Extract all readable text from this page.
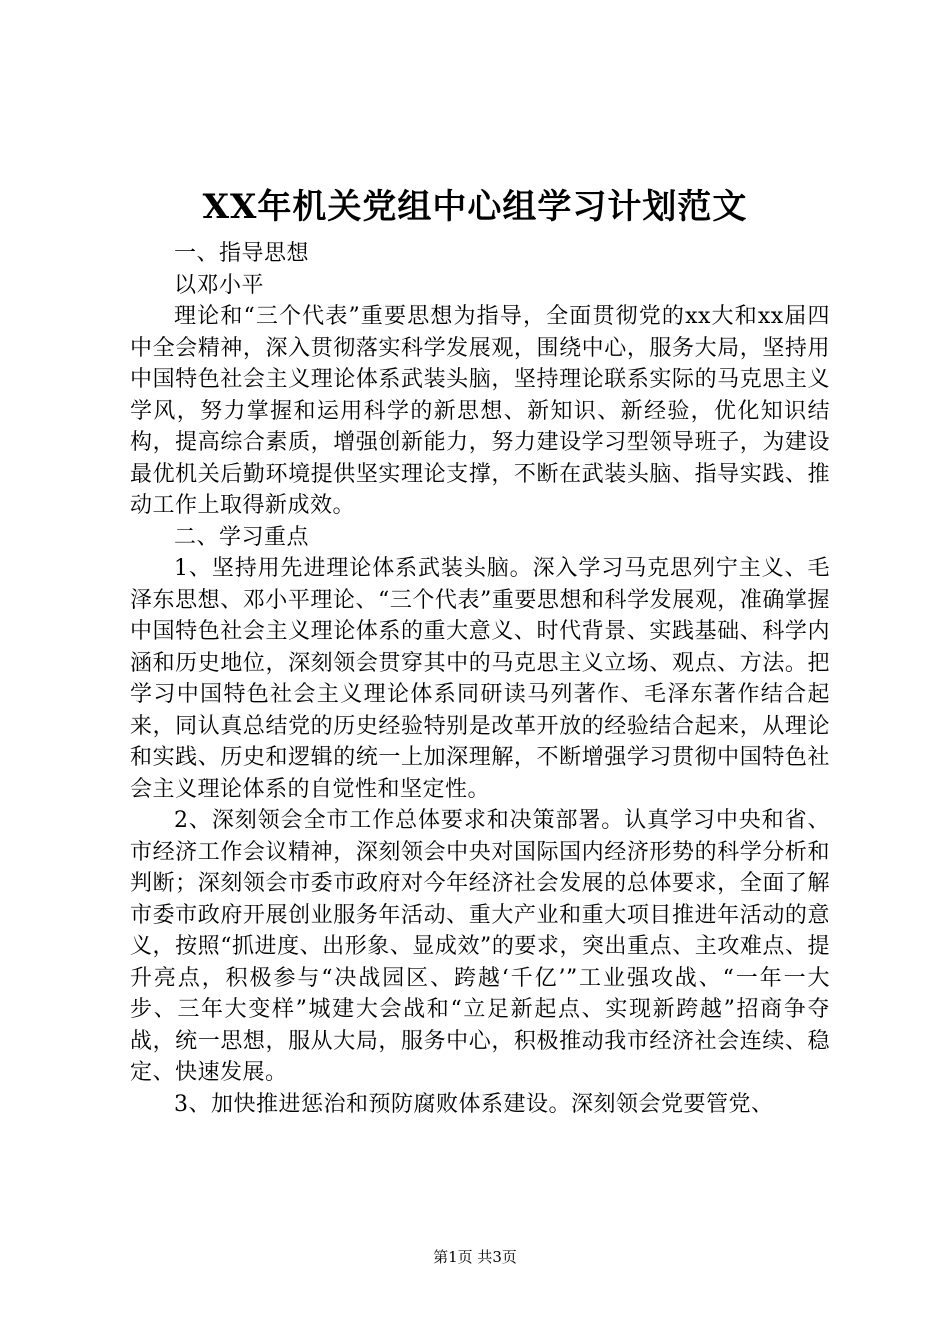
XX年机关党组中心组学习计划范文

一、指导思想

以邓小平

理论和“三个代表”重要思想为指导，全面贯彻党的xx大和xx届四中全会精神，深入贯彻落实科学发展观，围绕中心，服务大局，坚持用中国特色社会主义理论体系武装头脑，坚持理论联系实际的马克思主义学风，努力掌握和运用科学的新思想、新知识、新经验，优化知识结构，提高综合素质，增强创新能力，努力建设学习型领导班子，为建设最优机关后勤环境提供坚实理论支撑，不断在武装头脑、指导实践、推动工作上取得新成效。

二、学习重点

1、坚持用先进理论体系武装头脑。深入学习马克思列宁主义、毛泽东思想、邓小平理论、“三个代表”重要思想和科学发展观，准确掌握中国特色社会主义理论体系的重大意义、时代背景、实践基础、科学内涵和历史地位，深刻领会贯穿其中的马克思主义立场、观点、方法。把学习中国特色社会主义理论体系同研读马列著作、毛泽东著作结合起来，同认真总结党的历史经验特别是改革开放的经验结合起来，从理论和实践、历史和逻辑的统一上加深理解，不断增强学习贯彻中国特色社会主义理论体系的自觉性和坚定性。

2、深刻领会全市工作总体要求和决策部署。认真学习中央和省、市经济工作会议精神，深刻领会中央对国际国内经济形势的科学分析和判断；深刻领会市委市政府对今年经济社会发展的总体要求，全面了解市委市政府开展创业服务年活动、重大产业和重大项目推进年活动的意义，按照“抓进度、出形象、显成效”的要求，突出重点、主攻难点、提升亮点，积极参与“决战园区、跨越‘千亿’”工业强攻战、“一年一大步、三年大变样”城建大会战和“立足新起点、实现新跨越”招商争夺战，统一思想，服从大局，服务中心，积极推动我市经济社会连续、稳定、快速发展。

3、加快推进惩治和预防腐败体系建设。深刻领会党要管党、

第1页 共3页
